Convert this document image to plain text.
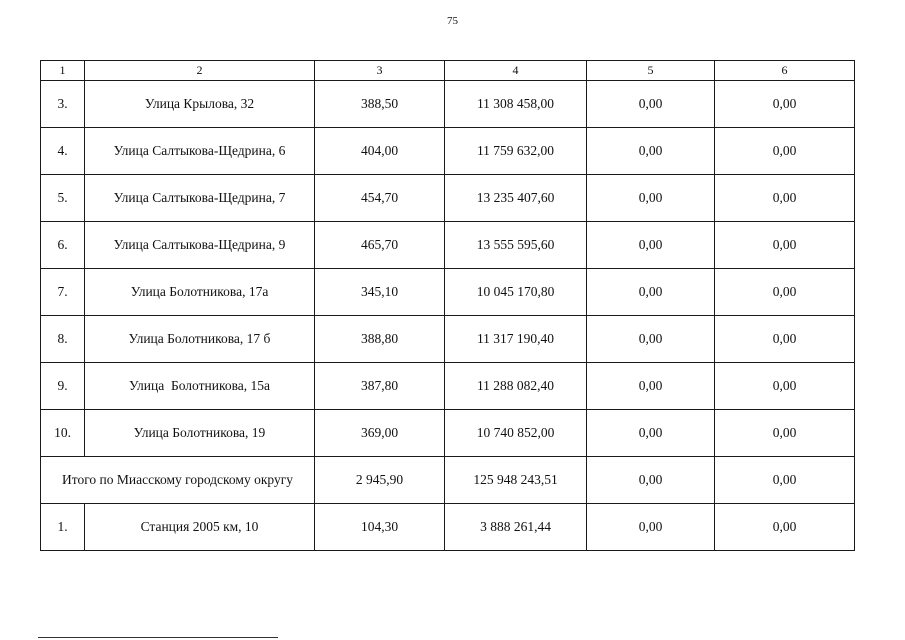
75
1	2	3	4	5	6
3.	Улица Крылова, 32	388,50	11 308 458,00	0,00	0,00
4.	Улица Салтыкова-Щедрина, 6	404,00	11 759 632,00	0,00	0,00
5.	Улица Салтыкова-Щедрина, 7	454,70	13 235 407,60	0,00	0,00
6.	Улица Салтыкова-Щедрина, 9	465,70	13 555 595,60	0,00	0,00
7.	Улица Болотникова, 17а	345,10	10 045 170,80	0,00	0,00
8.	Улица Болотникова, 17 б	388,80	11 317 190,40	0,00	0,00
9.	Улица  Болотникова, 15а	387,80	11 288 082,40	0,00	0,00
10.	Улица Болотникова, 19	369,00	10 740 852,00	0,00	0,00
Итого по Миасскому городскому округу		2 945,90	125 948 243,51	0,00	0,00
1.	Станция 2005 км, 10	104,30	3 888 261,44	0,00	0,00
